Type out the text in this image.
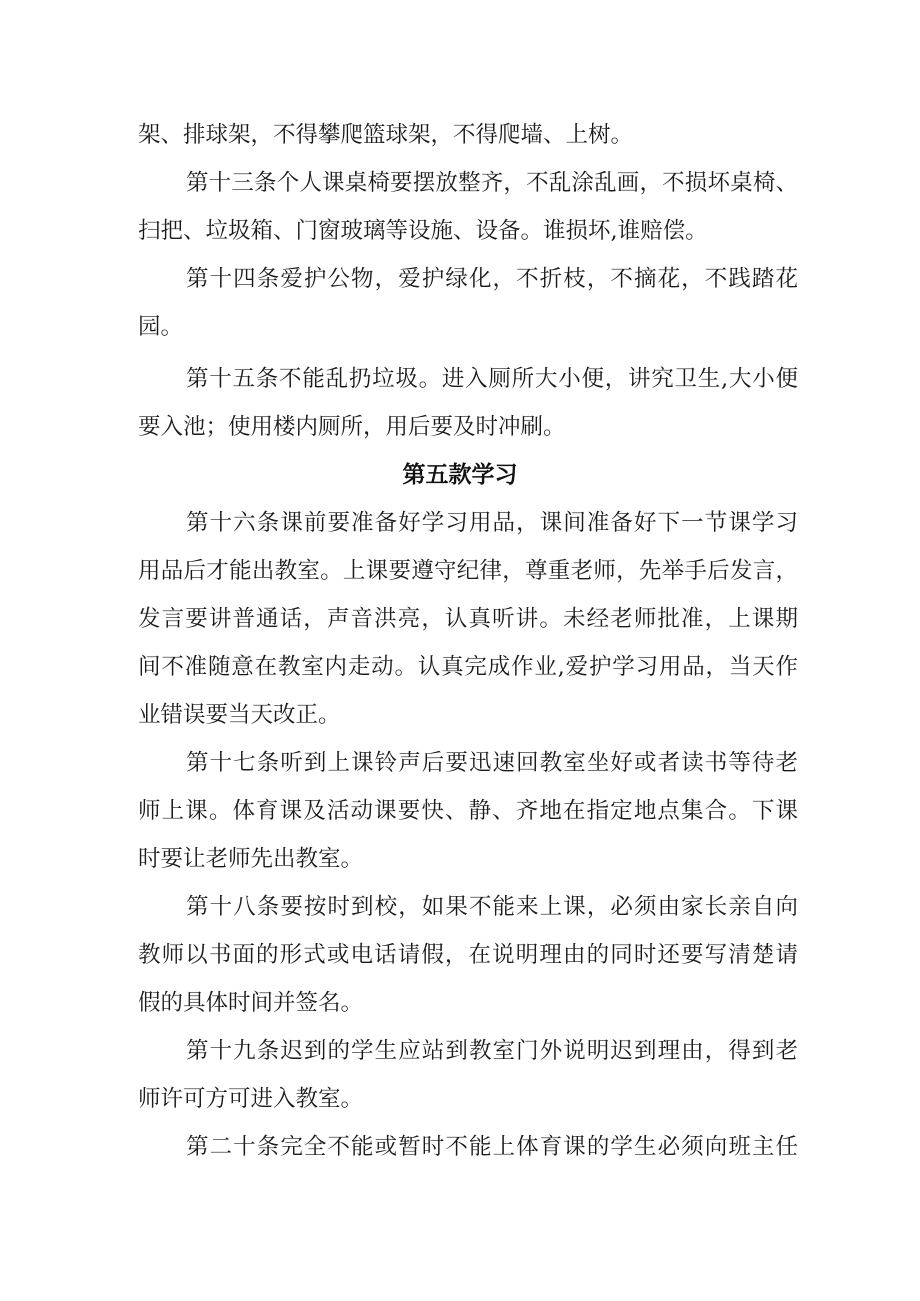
架、排球架，不得攀爬篮球架，不得爬墙、上树。
第十三条个人课桌椅要摆放整齐，不乱涂乱画，不损坏桌椅、
扫把、垃圾箱、门窗玻璃等设施、设备。谁损坏,谁赔偿。
第十四条爱护公物，爱护绿化，不折枝，不摘花，不践踏花
园。
第十五条不能乱扔垃圾。进入厕所大小便，讲究卫生,大小便
要入池；使用楼内厕所，用后要及时冲刷。
第五款学习
第十六条课前要准备好学习用品，课间准备好下一节课学习
用品后才能出教室。上课要遵守纪律，尊重老师，先举手后发言，
发言要讲普通话，声音洪亮，认真听讲。未经老师批准，上课期
间不准随意在教室内走动。认真完成作业,爱护学习用品，当天作
业错误要当天改正。
第十七条听到上课铃声后要迅速回教室坐好或者读书等待老
师上课。体育课及活动课要快、静、齐地在指定地点集合。下课
时要让老师先出教室。
第十八条要按时到校，如果不能来上课，必须由家长亲自向
教师以书面的形式或电话请假，在说明理由的同时还要写清楚请
假的具体时间并签名。
第十九条迟到的学生应站到教室门外说明迟到理由，得到老
师许可方可进入教室。
第二十条完全不能或暂时不能上体育课的学生必须向班主任
